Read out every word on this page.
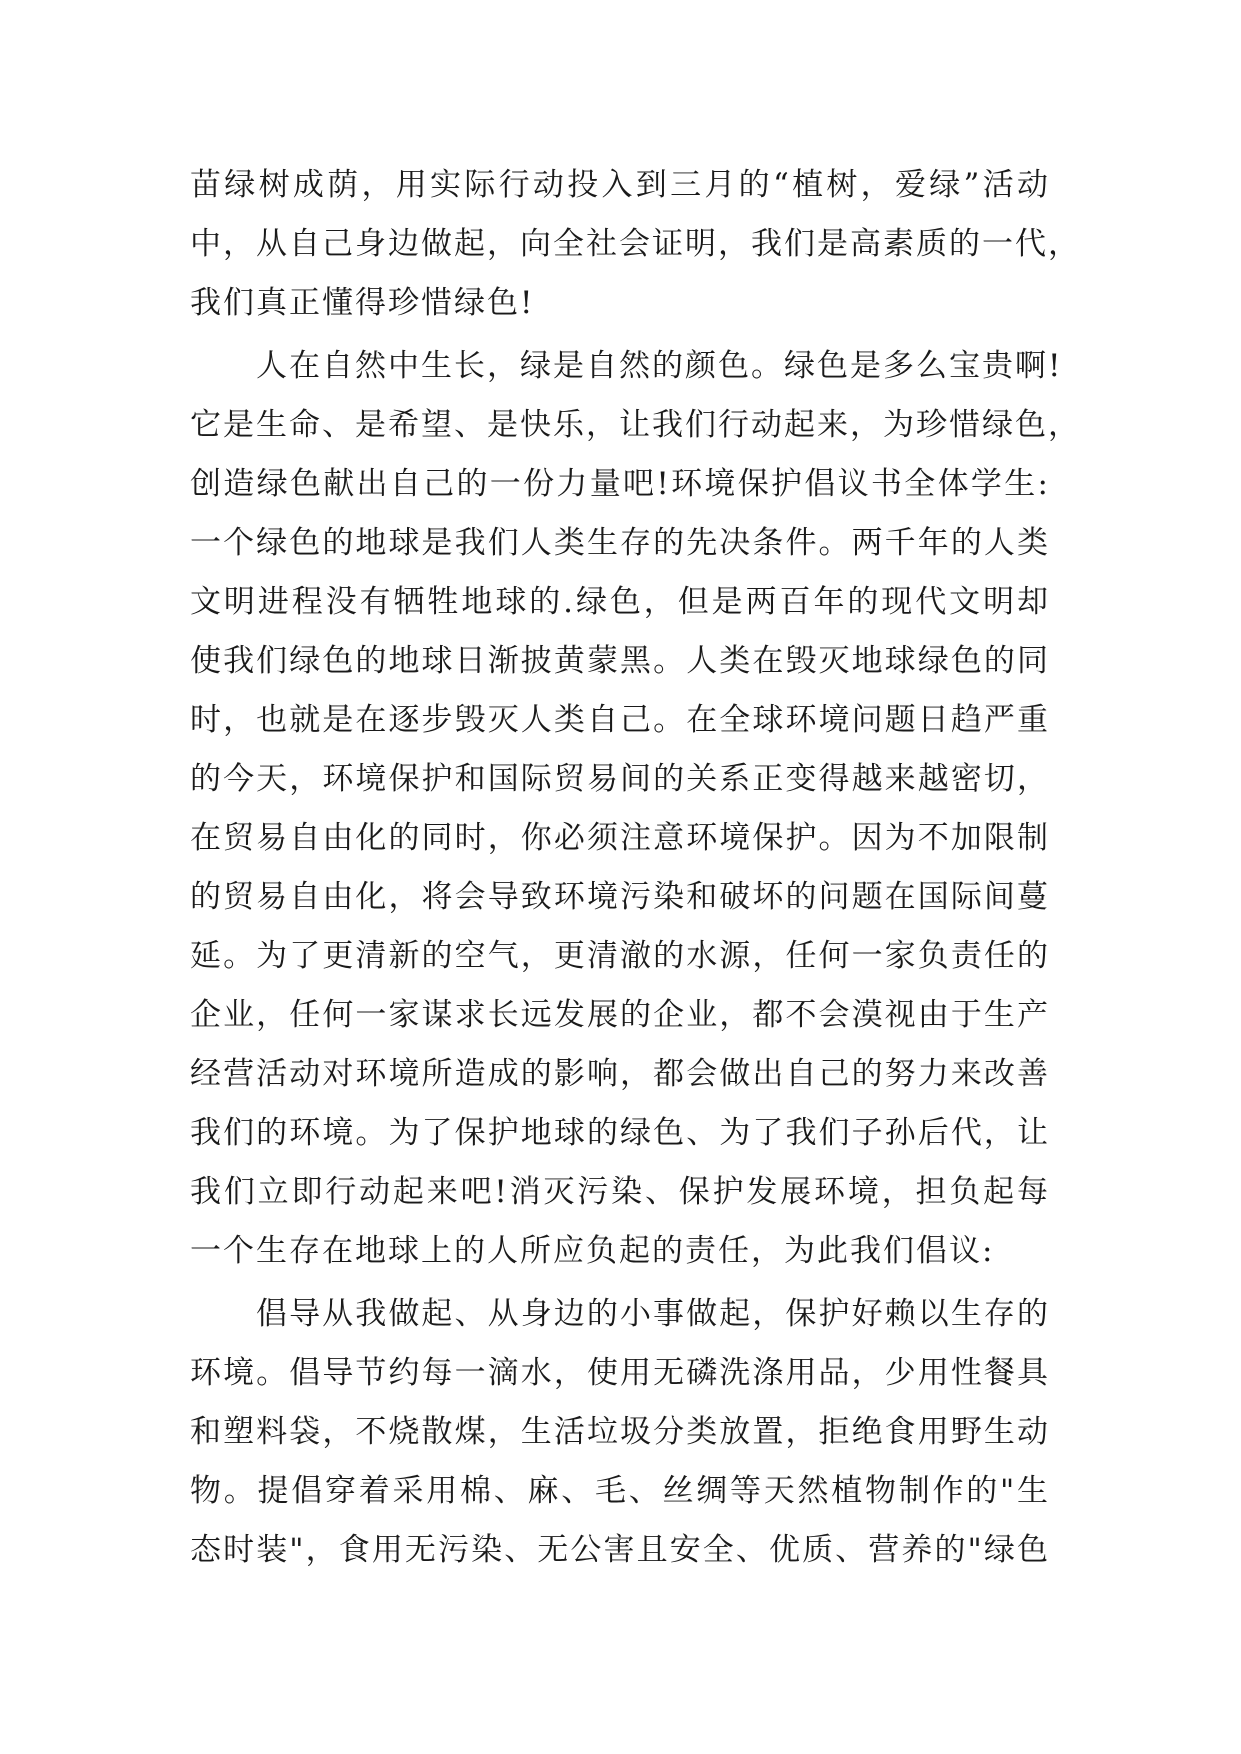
苗绿树成荫，用实际行动投入到三月的“植树，爱绿”活动
中，从自己身边做起，向全社会证明，我们是高素质的一代，
我们真正懂得珍惜绿色!
人在自然中生长，绿是自然的颜色。绿色是多么宝贵啊!
它是生命、是希望、是快乐，让我们行动起来，为珍惜绿色，
创造绿色献出自己的一份力量吧!环境保护倡议书全体学生:
一个绿色的地球是我们人类生存的先决条件。两千年的人类
文明进程没有牺牲地球的.绿色，但是两百年的现代文明却
使我们绿色的地球日渐披黄蒙黑。人类在毁灭地球绿色的同
时，也就是在逐步毁灭人类自己。在全球环境问题日趋严重
的今天，环境保护和国际贸易间的关系正变得越来越密切，
在贸易自由化的同时，你必须注意环境保护。因为不加限制
的贸易自由化，将会导致环境污染和破坏的问题在国际间蔓
延。为了更清新的空气，更清澈的水源，任何一家负责任的
企业，任何一家谋求长远发展的企业，都不会漠视由于生产
经营活动对环境所造成的影响，都会做出自己的努力来改善
我们的环境。为了保护地球的绿色、为了我们子孙后代，让
我们立即行动起来吧!消灭污染、保护发展环境，担负起每
一个生存在地球上的人所应负起的责任，为此我们倡议:
倡导从我做起、从身边的小事做起，保护好赖以生存的
环境。倡导节约每一滴水，使用无磷洗涤用品，少用性餐具
和塑料袋，不烧散煤，生活垃圾分类放置，拒绝食用野生动
物。提倡穿着采用棉、麻、毛、丝绸等天然植物制作的"生
态时装"，食用无污染、无公害且安全、优质、营养的"绿色
